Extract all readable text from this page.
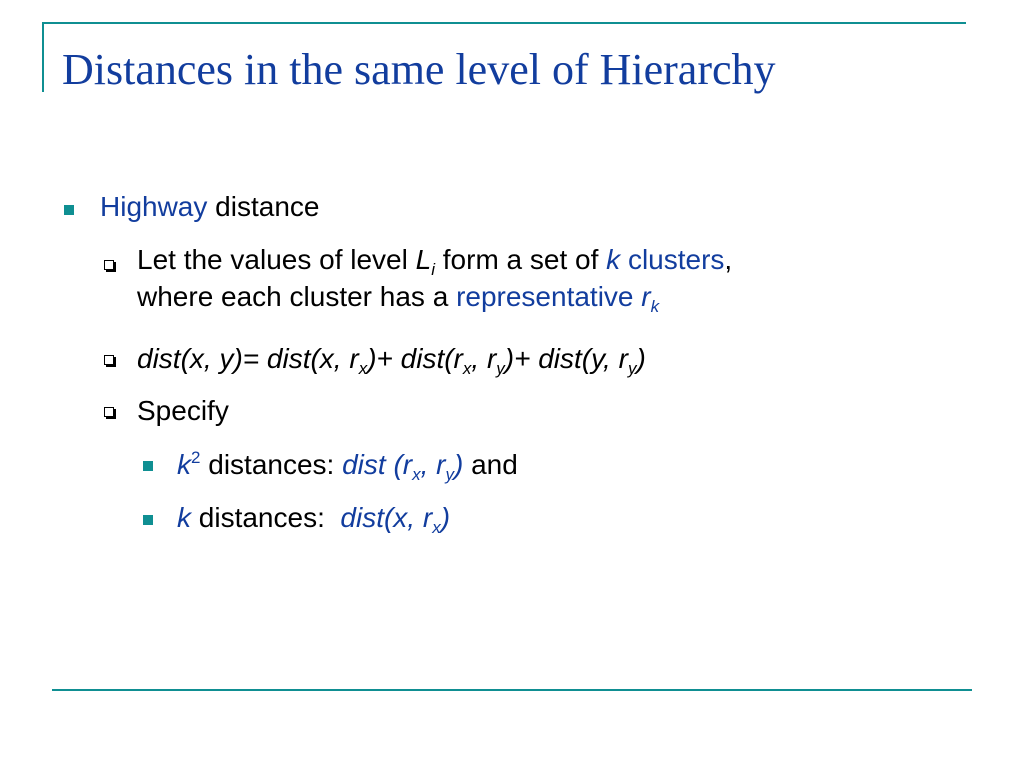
Distances in the same level of Hierarchy
Highway distance
Let the values of level $L_i$ form a set of k clusters,
where each cluster has a representative $r_k$
dist(x, y)= dist(x, $r_x)+$ $dist(r_x$, $r_y)+$ dist(y, $r_y$)
Specify
$k^2$ distances: dist ($r_x$, $r_y$) and
k distances:  dist(x, $r_x$)
